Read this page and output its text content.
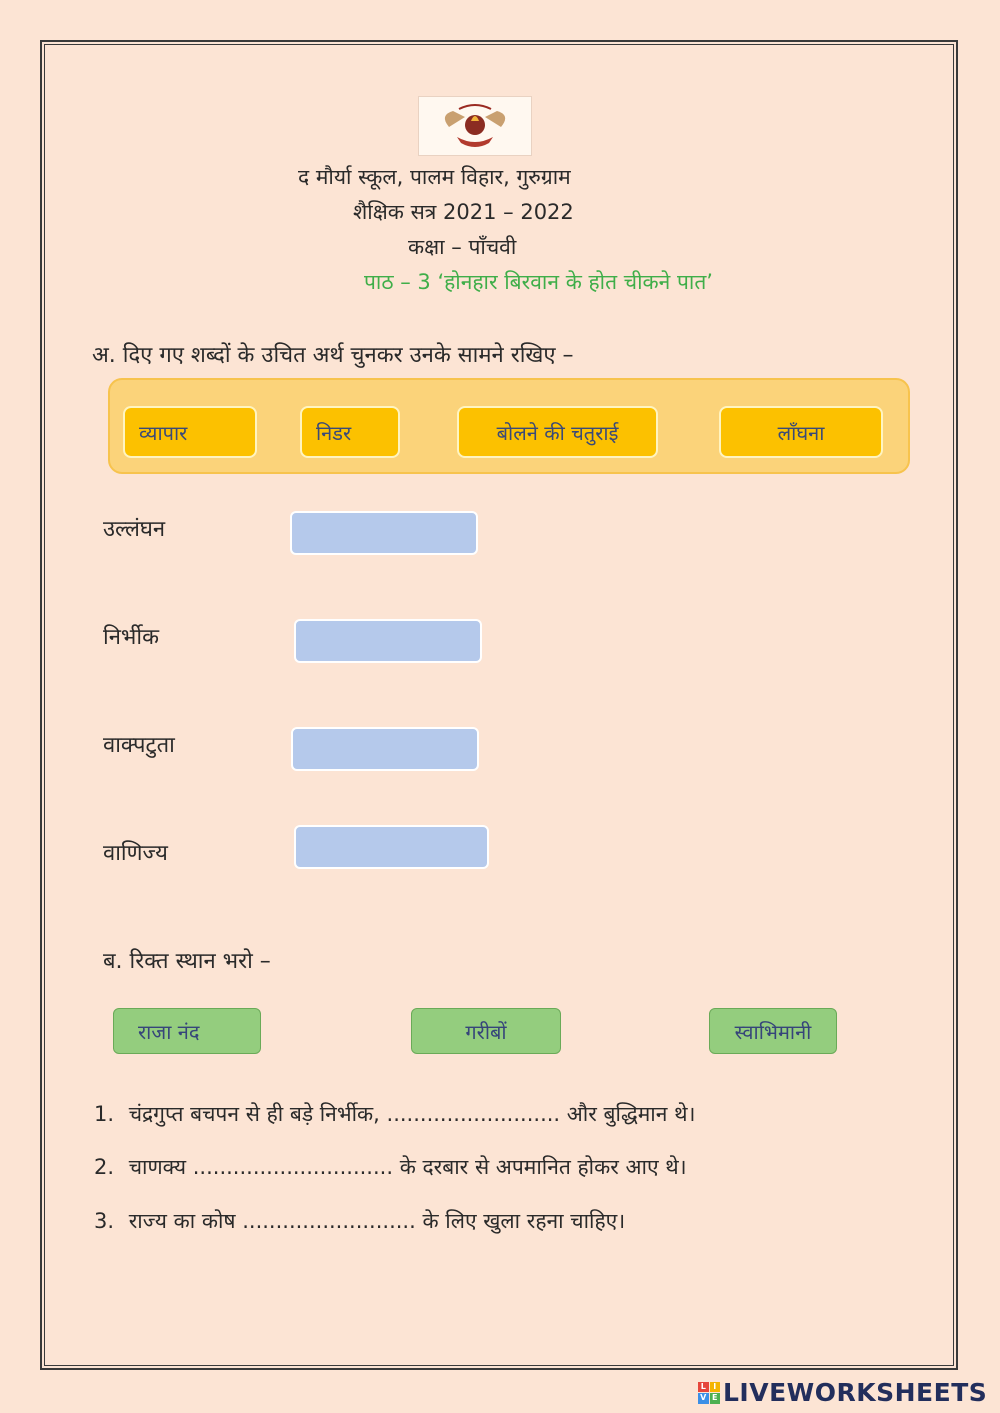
द मौर्या स्कूल, पालम विहार, गुरुग्राम
शैक्षिक सत्र 2021 – 2022
कक्षा – पाँचवी
पाठ – 3 ‘होनहार बिरवान के होत चीकने पात’
अ. दिए गए शब्दों के उचित अर्थ चुनकर उनके सामने रखिए –
व्यापार	निडर	बोलने की चतुराई	लाँघना
उल्लंघन
निर्भीक
वाक्पटुता
वाणिज्य
ब. रिक्त स्थान भरो –
राजा नंद	गरीबों	स्वाभिमानी
1. चंद्रगुप्त बचपन से ही बड़े निर्भीक, .......................... और बुद्धिमान थे।
2. चाणक्य .............................. के दरबार से अपमानित होकर आए थे।
3. राज्य का कोष .......................... के लिए खुला रहना चाहिए।
L I
V E LIVEWORKSHEETS
